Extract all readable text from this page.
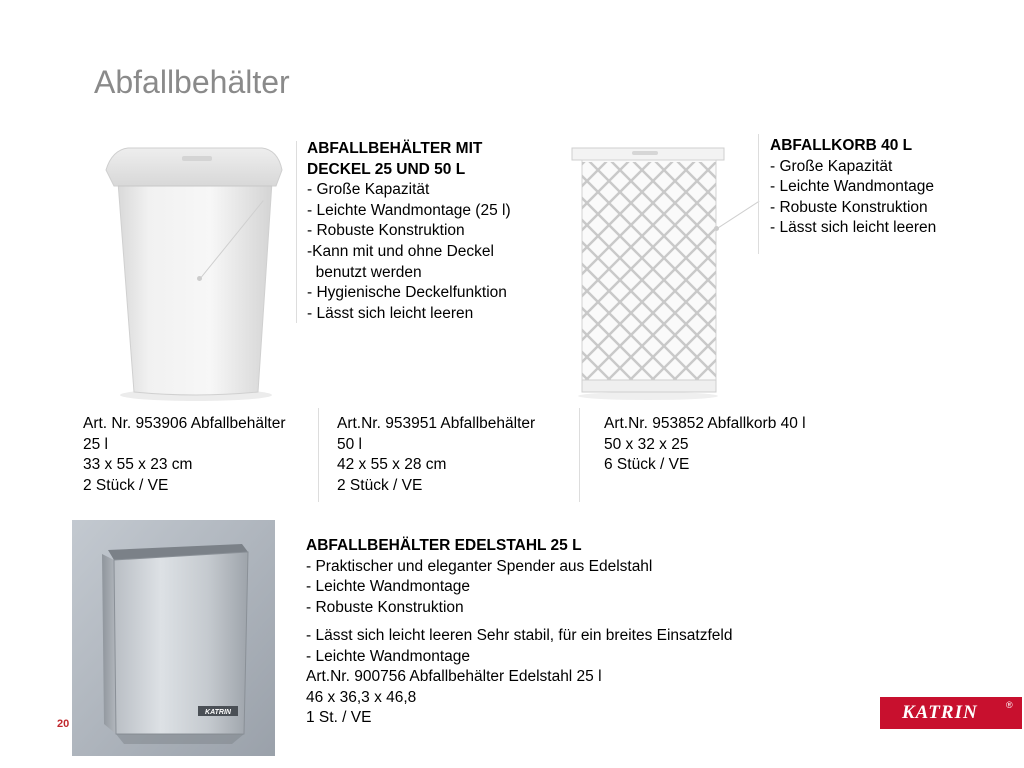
Abfallbehälter
ABFALLBEHÄLTER MIT
DECKEL 25 UND 50 L
- Große Kapazität
- Leichte Wandmontage (25 l)
- Robuste Konstruktion
-Kann mit und ohne Deckel
benutzt werden
- Hygienische Deckelfunktion
- Lässt sich leicht leeren
ABFALLKORB 40 L
- Große Kapazität
- Leichte Wandmontage
- Robuste Konstruktion
- Lässt sich leicht leeren
Art. Nr. 953906 Abfallbehälter
25 l
33 x 55 x 23 cm
2 Stück / VE
Art.Nr. 953951 Abfallbehälter
50 l
42 x 55 x 28 cm
2 Stück / VE
Art.Nr. 953852 Abfallkorb 40 l
50 x 32 x 25
6 Stück / VE
KATRIN
ABFALLBEHÄLTER EDELSTAHL 25 L
- Praktischer und eleganter Spender aus Edelstahl
- Leichte Wandmontage
- Robuste Konstruktion
- Lässt sich leicht leeren Sehr stabil, für ein breites Einsatzfeld
- Leichte Wandmontage
Art.Nr. 900756 Abfallbehälter Edelstahl 25 l
46 x 36,3 x 46,8
1 St. / VE
20
KATRIN	®
